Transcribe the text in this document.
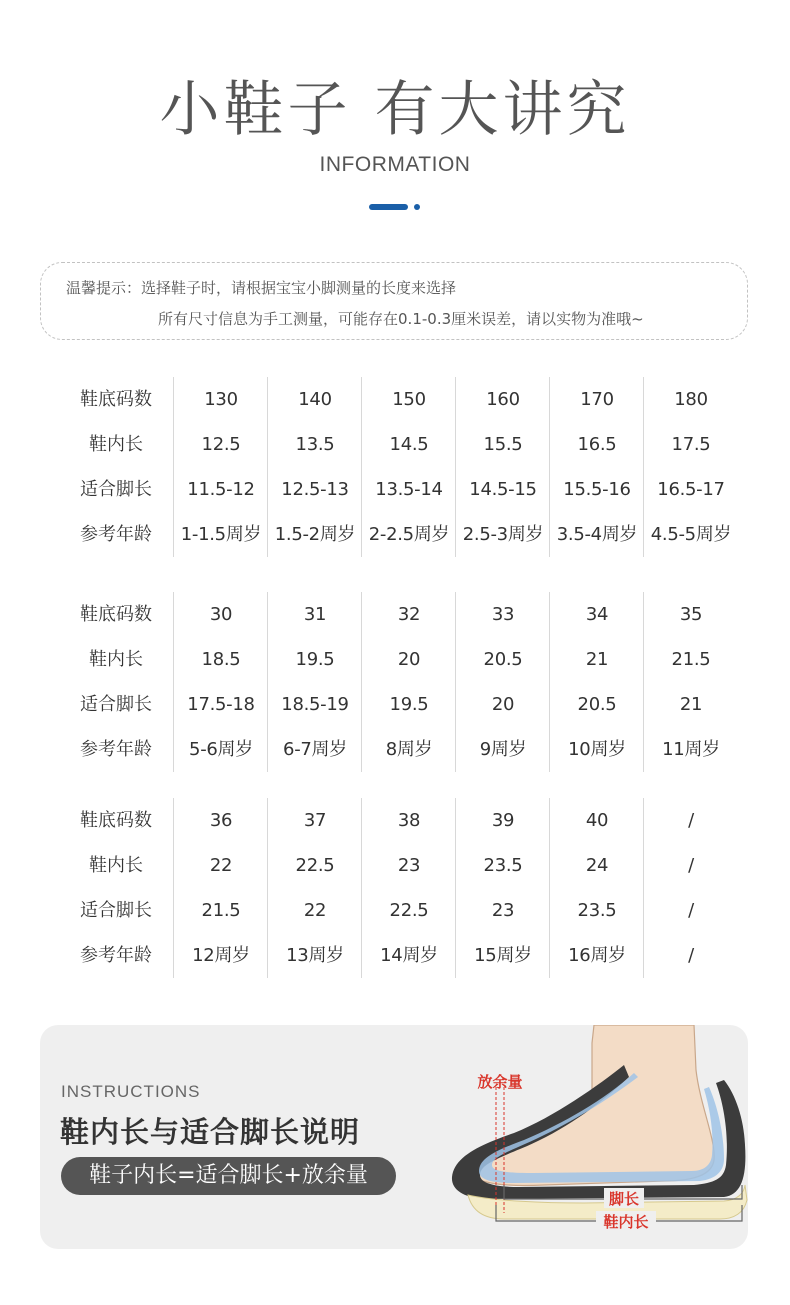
小鞋子 有大讲究
INFORMATION
温馨提示：选择鞋子时，请根据宝宝小脚测量的长度来选择
所有尺寸信息为手工测量，可能存在0.1-0.3厘米误差，请以实物为准哦~
鞋底码数	130	140	150	160	170	180
鞋内长	12.5	13.5	14.5	15.5	16.5	17.5
适合脚长	11.5-12	12.5-13	13.5-14	14.5-15	15.5-16	16.5-17
参考年龄	1-1.5周岁 1.5-2周岁 2-2.5周岁 2.5-3周岁 3.5-4周岁 4.5-5周岁
鞋底码数	30	31	32	33	34	35
鞋内长	18.5	19.5	20	20.5	21	21.5
适合脚长	17.5-18	18.5-19	19.5	20	20.5	21
参考年龄	5-6周岁	6-7周岁	8周岁	9周岁	10周岁	11周岁
鞋底码数	36	37	38	39	40	/
鞋内长	22	22.5	23	23.5	24	/
适合脚长	21.5	22	22.5	23	23.5	/
参考年龄	12周岁	13周岁	14周岁	15周岁	16周岁	/
INSTRUCTIONS
鞋内长与适合脚长说明
鞋子内长=适合脚长+放余量
放余量
脚长
鞋内长
